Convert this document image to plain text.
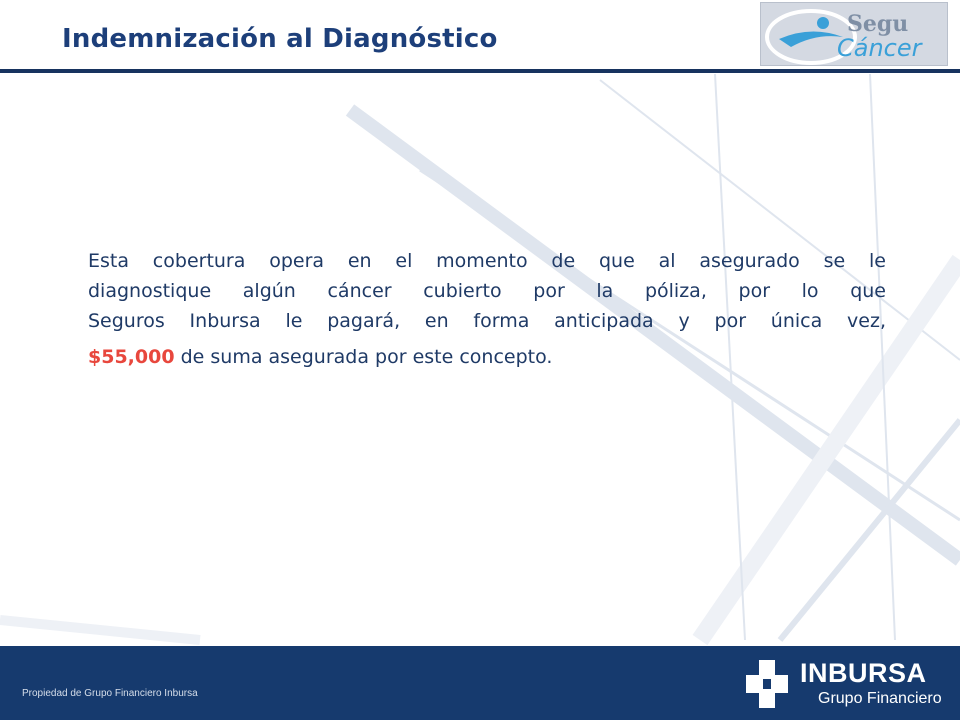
Indemnización al Diagnóstico	Segu
Cáncer
Esta cobertura opera en el momento de que al asegurado se le
diagnostique algún cáncer cubierto por la póliza, por lo que
Seguros Inbursa le pagará, en forma anticipada y por única vez,
$55,000 de suma asegurada por este concepto.
Propiedad de Grupo Financiero Inbursa
INBURSA
Grupo Financiero
